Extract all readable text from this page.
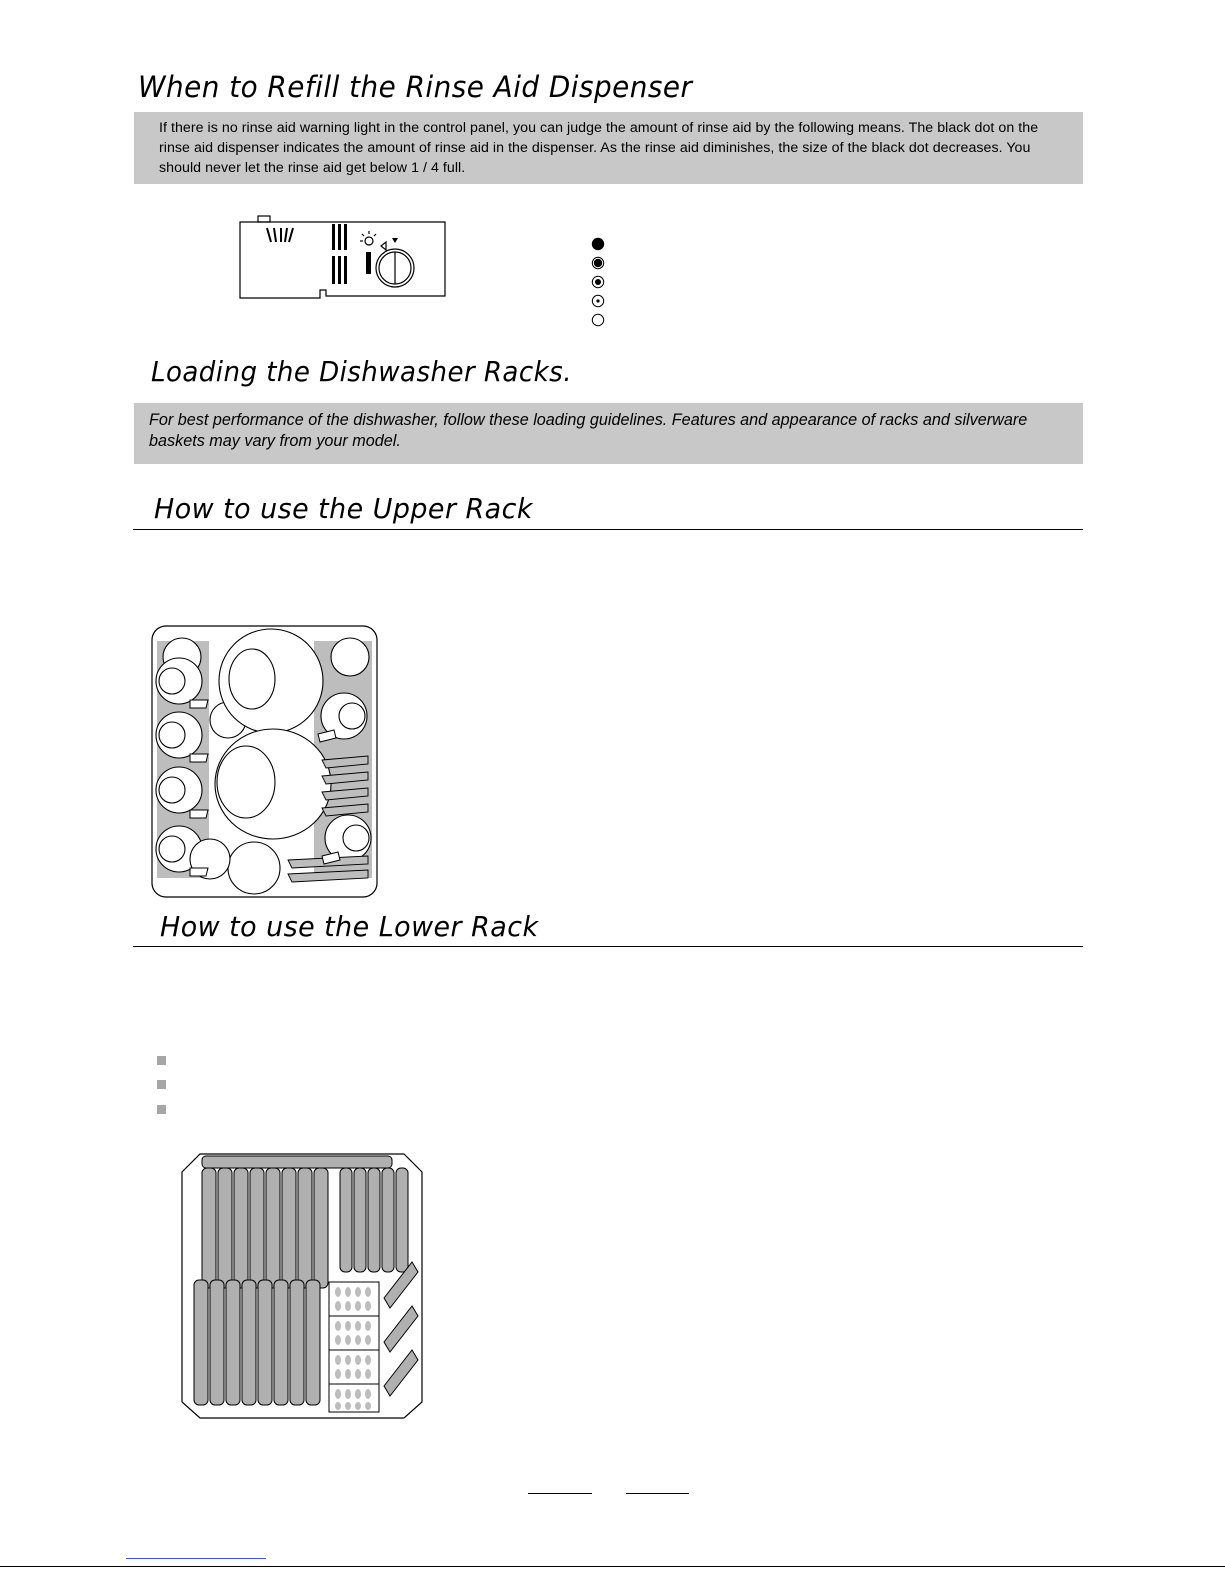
When to Refill the Rinse Aid Dispenser
If there is no rinse aid warning light in the control panel, you can judge the amount of rinse aid by the following means. The black dot on the rinse aid dispenser indicates the amount of rinse aid in the dispenser. As the rinse aid diminishes, the size of the black dot decreases. You should never let the rinse aid get below 1 / 4 full.
Loading the Dishwasher Racks.
For best performance of the dishwasher, follow these loading guidelines. Features and appearance of racks and silverware baskets may vary from your model.
How to use the Upper Rack
How to use the Lower Rack
